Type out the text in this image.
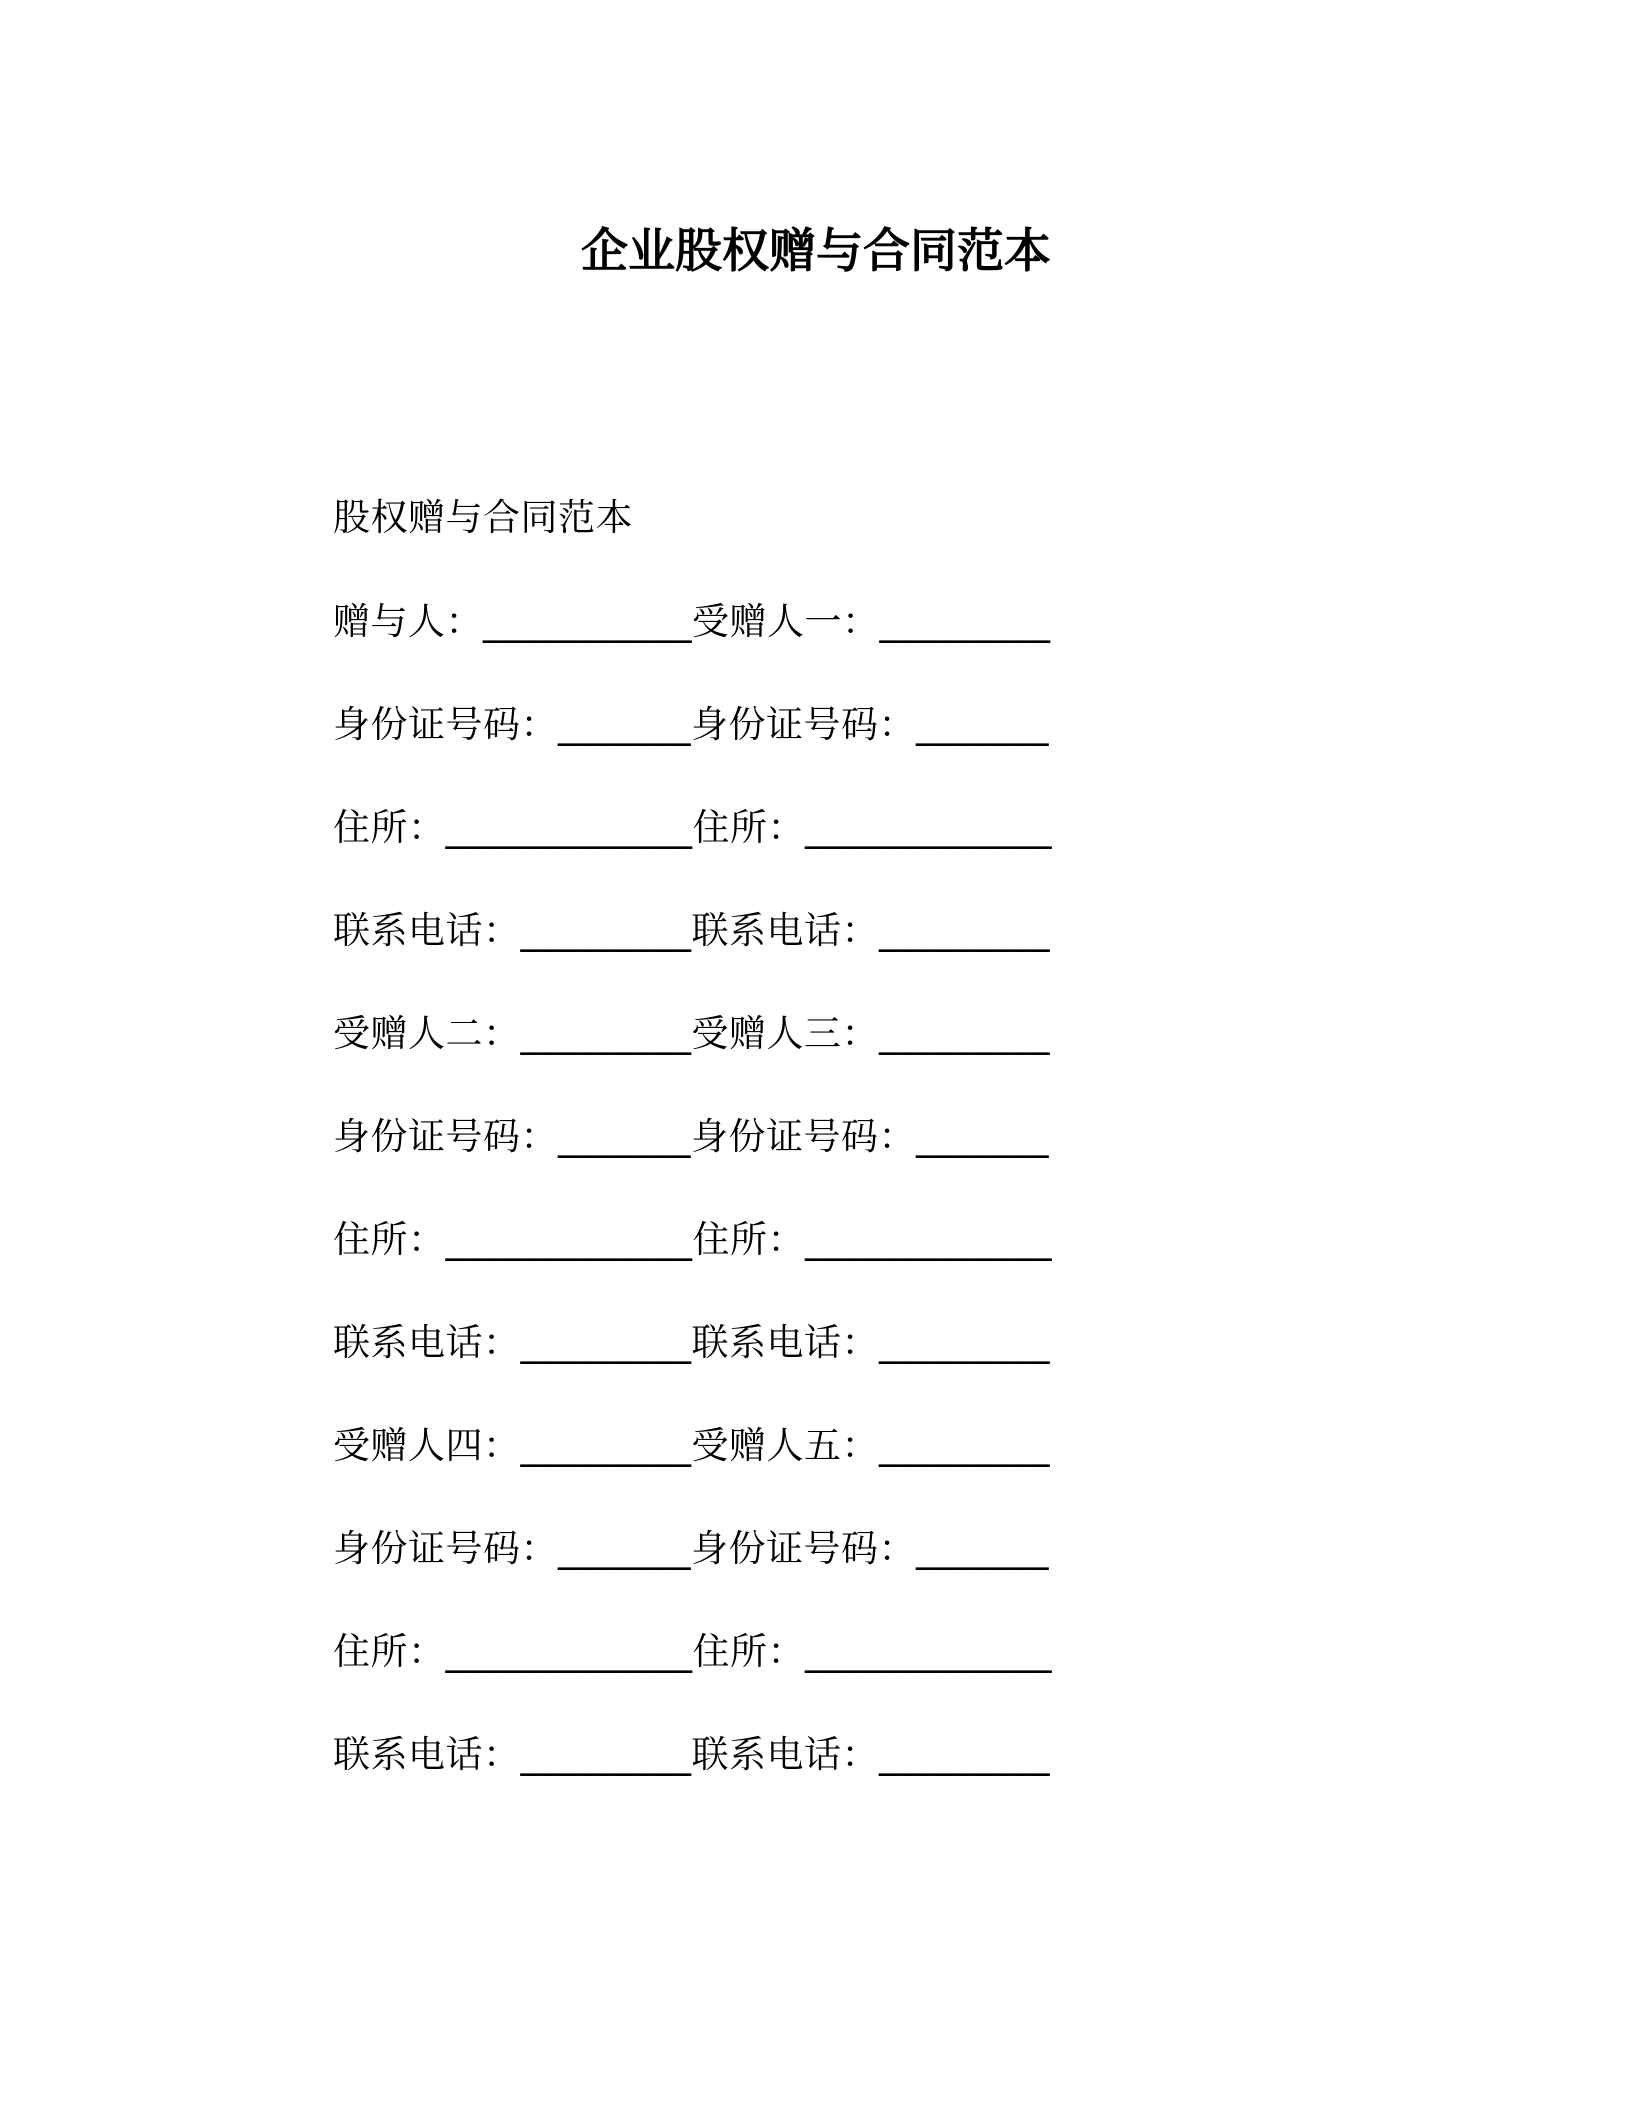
企业股权赠与合同范本
股权赠与合同范本
赠与人：___________受赠人一：_________
身份证号码：_______身份证号码：_______
住所：_____________住所：_____________
联系电话：_________联系电话：_________
受赠人二：_________受赠人三：_________
身份证号码：_______身份证号码：_______
住所：_____________住所：_____________
联系电话：_________联系电话：_________
受赠人四：_________受赠人五：_________
身份证号码：_______身份证号码：_______
住所：_____________住所：_____________
联系电话：_________联系电话：_________
